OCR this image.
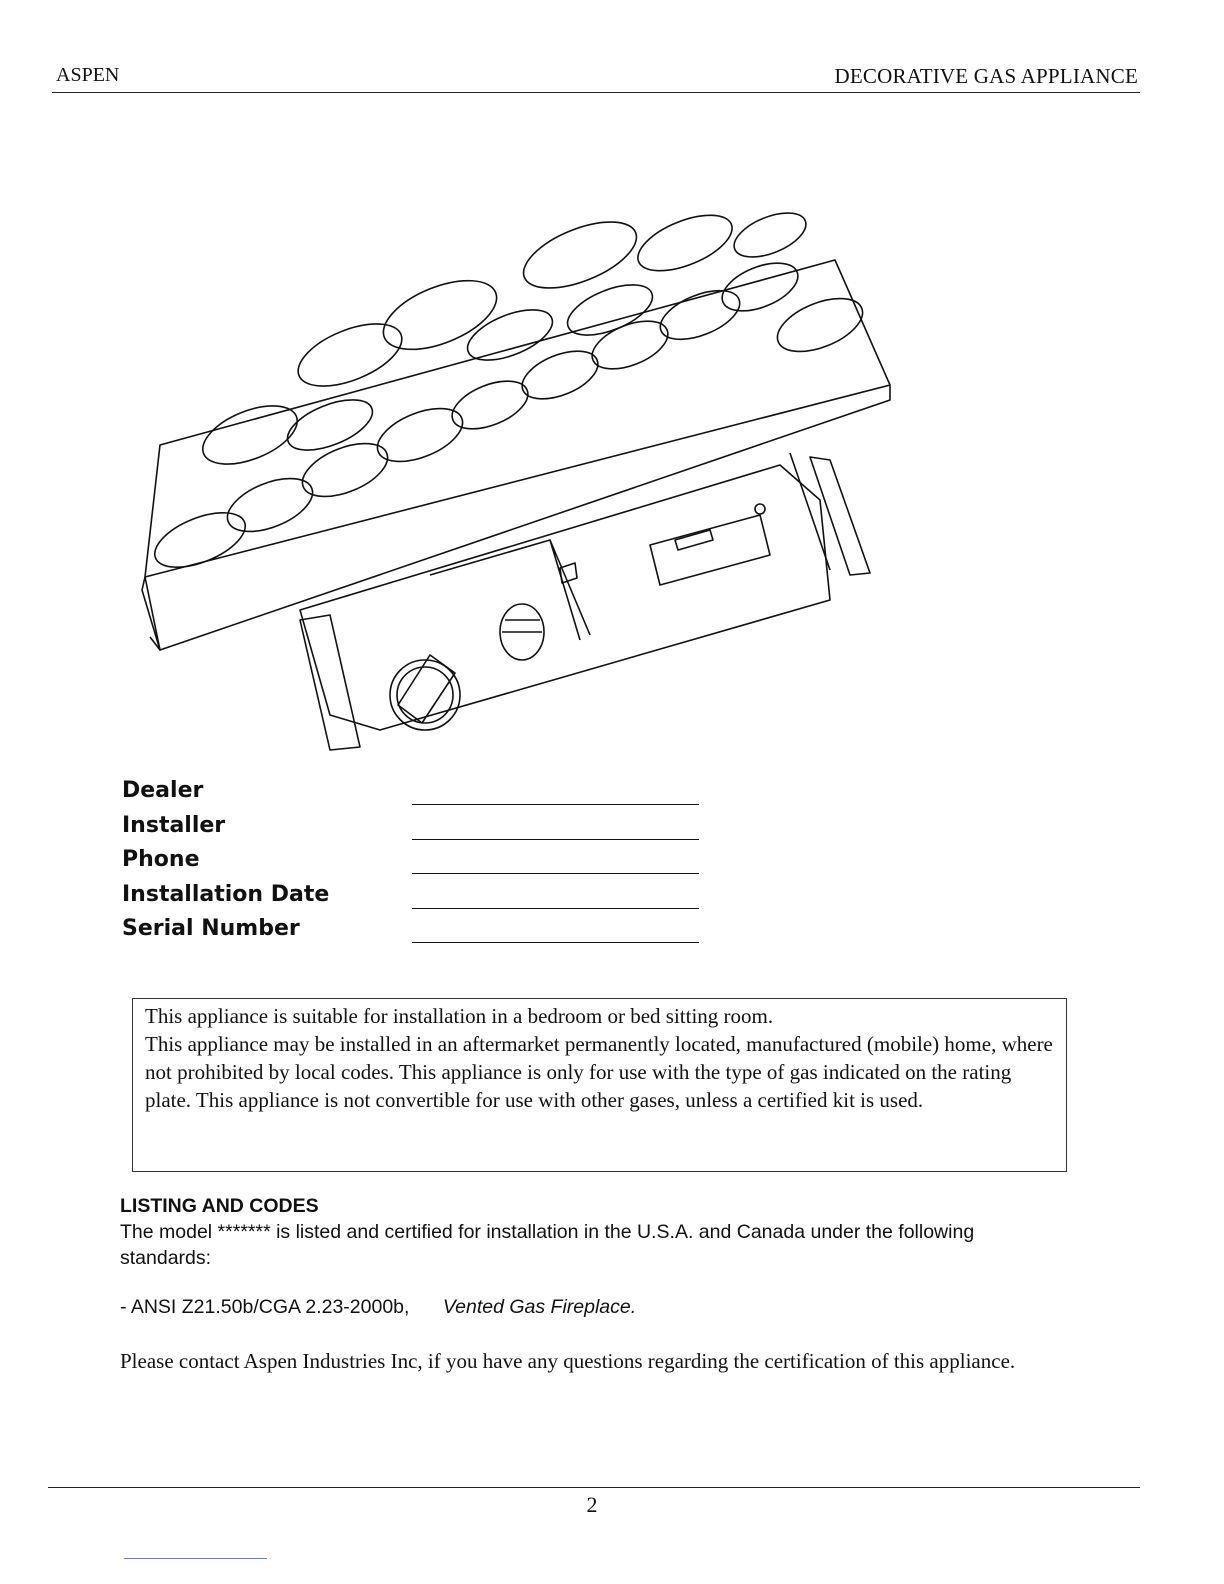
ASPEN	DECORATIVE GAS APPLIANCE
Dealer
Installer
Phone
Installation Date
Serial Number

This appliance is suitable for installation in a bedroom or bed sitting room.

This appliance may be installed in an aftermarket permanently located, manufactured (mobile) home, where not prohibited by local codes. This appliance is only for use with the type of gas indicated on the rating plate. This appliance is not convertible for use with other gases, unless a certified kit is used.

LISTING AND CODES
The model ******* is listed and certified for installation in the U.S.A. and Canada under the following standards:
- ANSI Z21.50b/CGA 2.23-2000b, Vented Gas Fireplace.
Please contact Aspen Industries Inc, if you have any questions regarding the certification of this appliance.
2
